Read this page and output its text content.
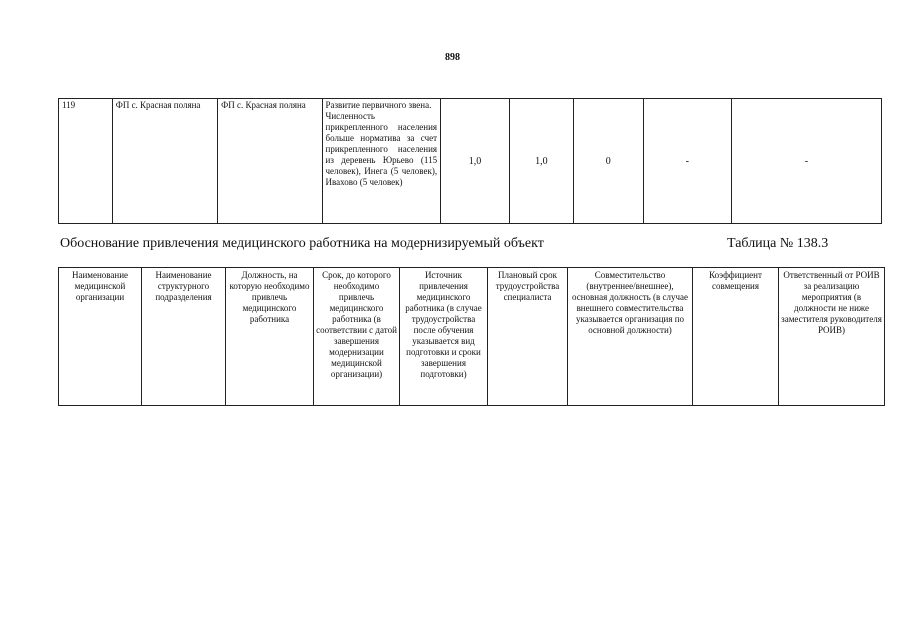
898
119	ФП с. Красная поляна	ФП с. Красная поляна	Развитие первичного звена.
Численность прикрепленного населения больше норматива за счет прикрепленного населения из деревень Юрьево (115 человек), Инега (5 человек), Ивахово (5 человек)
	1,0	1,0	0	-	-
Обоснование привлечения медицинского работника на модернизируемый объект	Таблица № 138.3
Наименование медицинской организации	Наименование структурного подразделения	Должность, на которую необходимо привлечь медицинского работника	Срок, до которого необходимо привлечь медицинского работника (в соответствии с датой завершения модернизации медицинской организации)	Источник привлечения медицинского работника (в случае трудоустройства после обучения указывается вид подготовки и сроки завершения подготовки)	Плановый срок трудоустройства специалиста	Совместительство (внутреннее/внешнее), основная должность (в случае внешнего совместительства указывается организация по основной должности)	Коэффициент совмещения	Ответственный от РОИВ за реализацию мероприятия (в должности не ниже заместителя руководителя РОИВ)
